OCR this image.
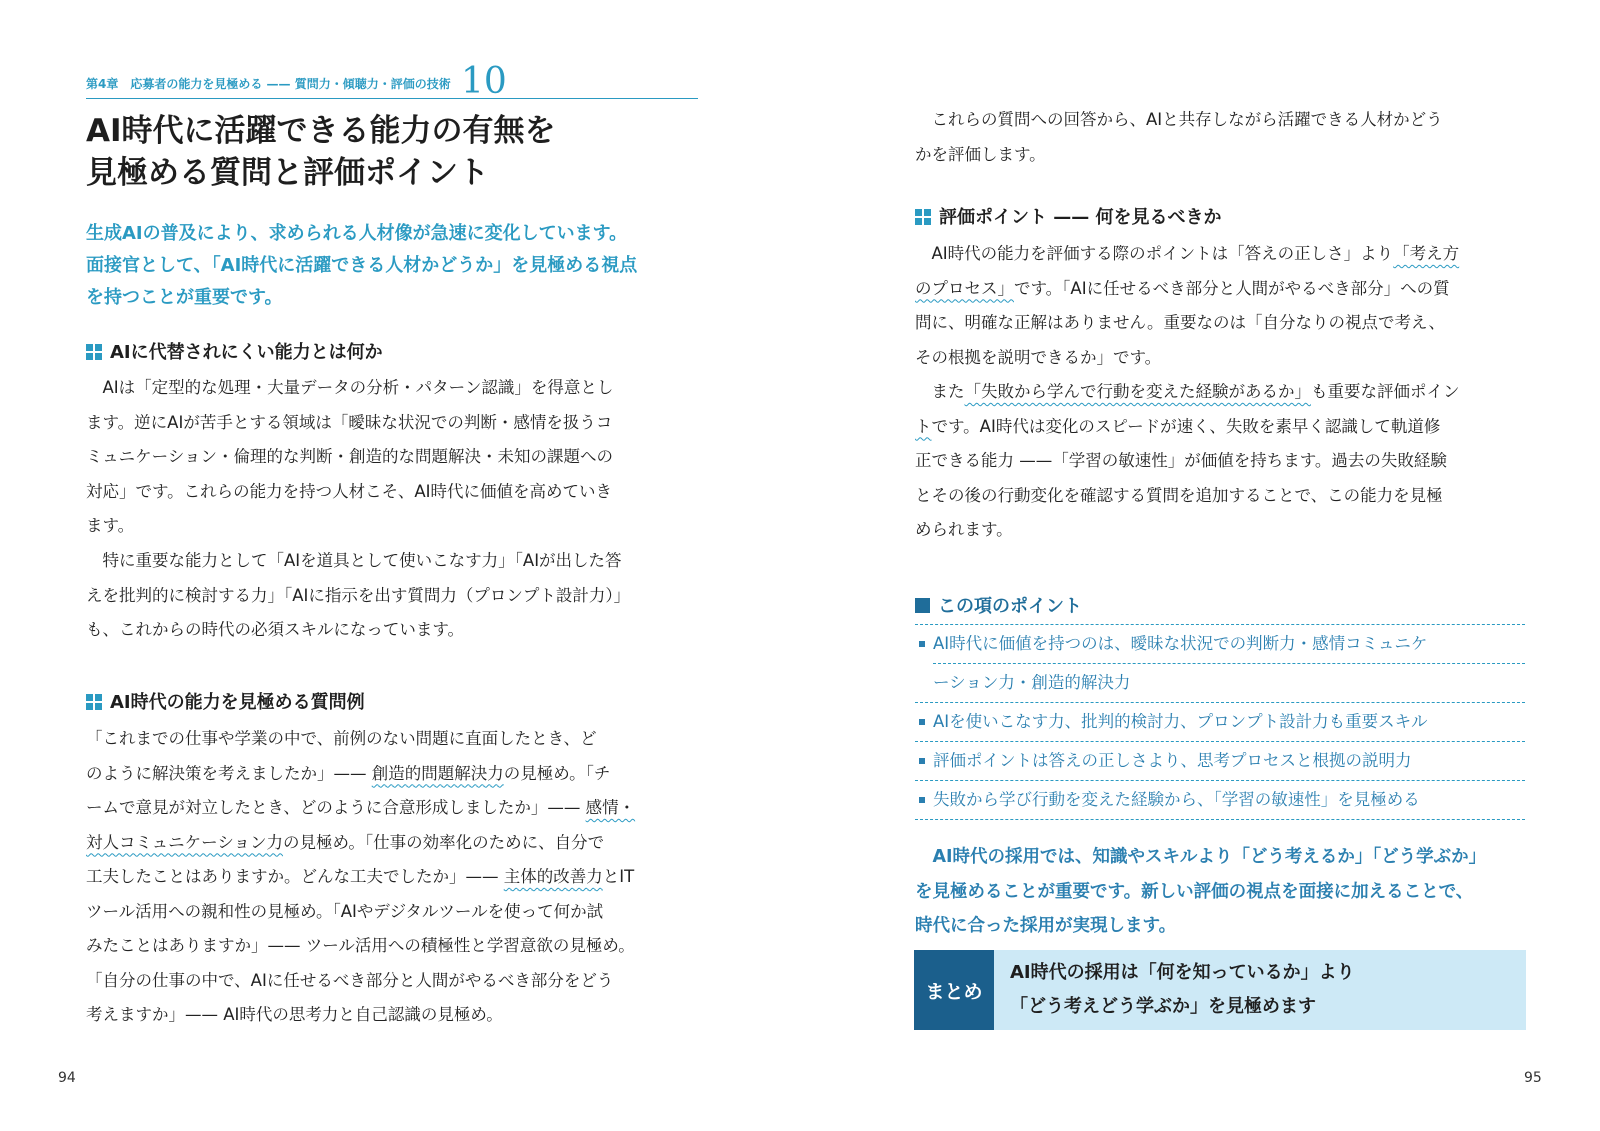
第4章　応募者の能力を見極める —— 質問力・傾聴力・評価の技術 10
AI時代に活躍できる能力の有無を
見極める質問と評価ポイント
生成AIの普及により、求められる人材像が急速に変化しています。
面接官として、「AI時代に活躍できる人材かどうか」を見極める視点
を持つことが重要です。
AIに代替されにくい能力とは何か
　AIは「定型的な処理・大量データの分析・パターン認識」を得意とし
ます。逆にAIが苦手とする領域は「曖昧な状況での判断・感情を扱うコ
ミュニケーション・倫理的な判断・創造的な問題解決・未知の課題への
対応」です。これらの能力を持つ人材こそ、AI時代に価値を高めていき
ます。
　特に重要な能力として「AIを道具として使いこなす力」「AIが出した答
えを批判的に検討する力」「AIに指示を出す質問力（プロンプト設計力）」
も、これからの時代の必須スキルになっています。
AI時代の能力を見極める質問例
「これまでの仕事や学業の中で、前例のない問題に直面したとき、ど
のように解決策を考えましたか」—— 創造的問題解決力の見極め。「チ
ームで意見が対立したとき、どのように合意形成しましたか」—— 感情・
対人コミュニケーション力の見極め。「仕事の効率化のために、自分で
工夫したことはありますか。どんな工夫でしたか」—— 主体的改善力とIT
ツール活用への親和性の見極め。「AIやデジタルツールを使って何か試
みたことはありますか」—— ツール活用への積極性と学習意欲の見極め。
「自分の仕事の中で、AIに任せるべき部分と人間がやるべき部分をどう
考えますか」—— AI時代の思考力と自己認識の見極め。
94
　これらの質問への回答から、AIと共存しながら活躍できる人材かどう
かを評価します。
評価ポイント —— 何を見るべきか
　AI時代の能力を評価する際のポイントは「答えの正しさ」より「考え方
のプロセス」です。「AIに任せるべき部分と人間がやるべき部分」への質
問に、明確な正解はありません。重要なのは「自分なりの視点で考え、
その根拠を説明できるか」です。
　また「失敗から学んで行動を変えた経験があるか」も重要な評価ポイン
トです。AI時代は変化のスピードが速く、失敗を素早く認識して軌道修
正できる能力 ——「学習の敏速性」が価値を持ちます。過去の失敗経験
とその後の行動変化を確認する質問を追加することで、この能力を見極
められます。
この項のポイント
AI時代に価値を持つのは、曖昧な状況での判断力・感情コミュニケ
ーション力・創造的解決力
AIを使いこなす力、批判的検討力、プロンプト設計力も重要スキル
評価ポイントは答えの正しさより、思考プロセスと根拠の説明力
失敗から学び行動を変えた経験から、「学習の敏速性」を見極める
　AI時代の採用では、知識やスキルより「どう考えるか」「どう学ぶか」
を見極めることが重要です。新しい評価の視点を面接に加えることで、
時代に合った採用が実現します。
まとめ
AI時代の採用は「何を知っているか」より
「どう考えどう学ぶか」を見極めます
95
